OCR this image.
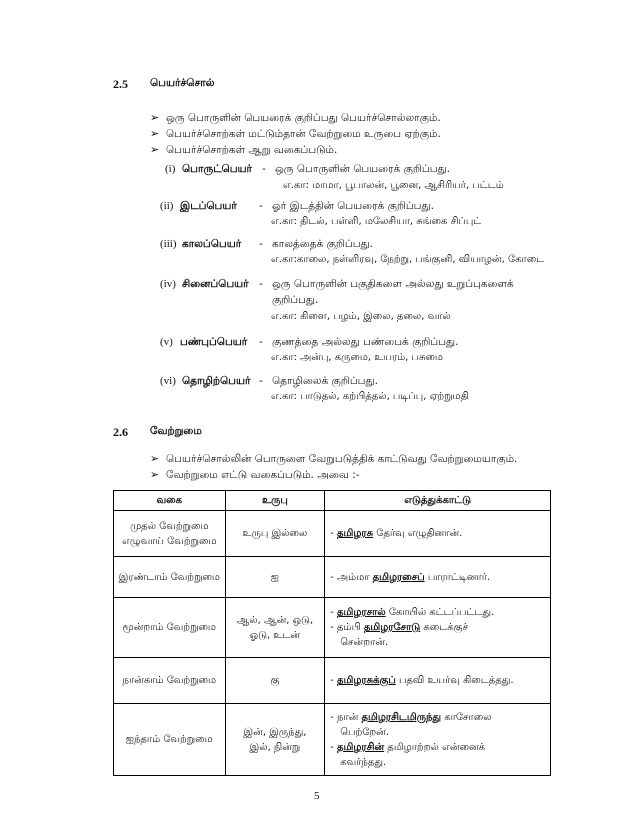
2.5 பெயர்ச்சொல்
➢ ஒரு பொருளின் பெயரைக் குறிப்பது பெயர்ச்சொல்லாகும்.
➢ பெயர்ச்சொற்கள் மட்டும்தான் வேற்றுமை உருபை ஏற்கும்.
➢ பெயர்ச்சொற்கள் ஆறு வகைப்படும்.
(i) பொருட்பெயர் - ஒரு பொருளின் பெயரைக் குறிப்பது.
எ.கா: மாமா, பூபாலன், பூனை, ஆசிரியர், பட்டம்
(ii) இடப்பெயர் - ஓர் இடத்தின் பெயரைக் குறிப்பது.
எ.கா: திடல், பள்ளி, மலேசியா, சுங்கை சிப்புட்
(iii) காலப்பெயர் - காலத்தைக் குறிப்பது.
எ.கா:காலை, நள்ளிரவு, நேற்று, பங்குனி, வியாழன், கோடை
(iv) சினைப்பெயர் - ஒரு பொருளின் பகுதிகளை அல்லது உறுப்புகளைக்
குறிப்பது.
எ.கா: கிளை, பழம், இலை, தலை, வால்
(v) பண்புப்பெயர் - குணத்தை அல்லது பண்பைக் குறிப்பது.
எ.கா: அன்பு, கருமை, உயரம், பசுமை
(vi) தொழிற்பெயர் - தொழிலைக் குறிப்பது.
எ.கா: பாடுதல், கற்பித்தல், படிப்பு, ஏற்றுமதி
2.6 வேற்றுமை
➢ பெயர்ச்சொல்லின் பொருளை வேறுபடுத்திக் காட்டுவது வேற்றுமையாகும்.
➢ வேற்றுமை எட்டு வகைப்படும். அவை :-
வகை	உருபு	எடுத்துக்காட்டு

முதல் வேற்றுமை
எழுவாய் வேற்றுமை	உருபு இல்லை	- தமிழரசு தேர்வு எழுதினான்.

இரண்டாம் வேற்றுமை	ஐ	- அம்மா தமிழரசைப் பாராட்டினார்.

மூன்றாம் வேற்றுமை	ஆல், ஆன், ஒடு,
ஓடு, உடன்	- தமிழரசால் கோயில் கட்டப்பட்டது.
- தம்பி தமிழரசோடு கடைக்குச்
சென்றான்.

நான்காம் வேற்றுமை	கு	- தமிழரசுக்குப் பதவி உயர்வு கிடைத்தது.

ஐந்தாம் வேற்றுமை	இன், இருந்து,
இல், நின்று	- நான் தமிழரசிடமிருந்து காசோலை
பெற்றேன்.
- தமிழரசின் தமிழாற்றல் என்னைக்
கவர்ந்தது.
5
